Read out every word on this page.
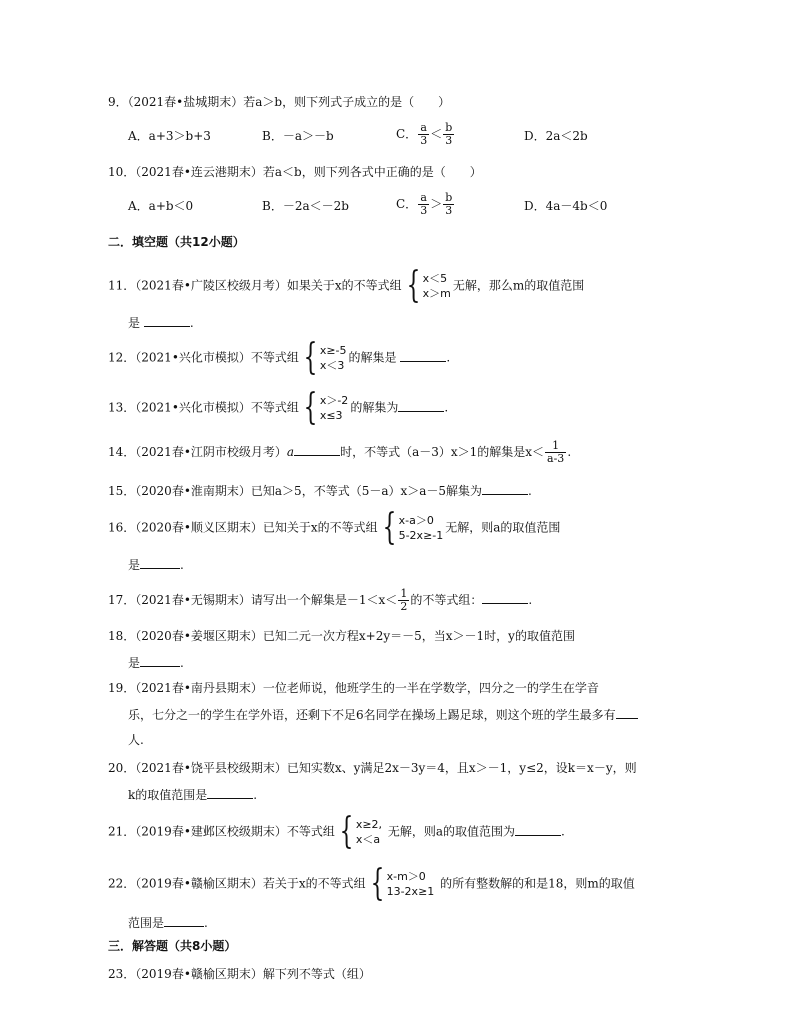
9．（2021春•盐城期末）若a＞b，则下列式子成立的是（　　）
A．a+3＞b+3	B．－a＞－b	C． $\frac{a}{3} < \frac{b}{3}$	D．2a＜2b
10．（2021春•连云港期末）若a＜b，则下列各式中正确的是（　　）
A．a+b＜0	B．－2a＜－2b	C． $\frac{a}{3} > \frac{b}{3}$	D．4a－4b＜0
二．填空题（共12小题）
11．（2021春•广陵区校级月考）如果关于x的不等式组 { x＜5
x＞m
无解，那么m的取值范围
是	.
12．（2021•兴化市模拟）不等式组 { x≥-5
x＜3
的解集是	.
13．（2021•兴化市模拟）不等式组 { x＞-2
x≤3
的解集为	.
14．（2021春•江阴市校级月考）a	时，不等式（a－3）x＞1的解集是$x< \frac{1}{a-3}$ .
15．（2020春•淮南期末）已知a＞5，不等式（5－a）x＞a－5解集为	.
16．（2020春•顺义区期末）已知关于x的不等式组 { x-a＞0
5-2x≥-1
无解，则a的取值范围
是	.
17．（2021春•无锡期末）请写出一个解集是$-1<x< \frac{1}{2}$ 的不等式组：	.
18．（2020春•姜堰区期末）已知二元一次方程x+2y＝－5，当x＞－1时，y的取值范围
是	.
19．（2021春•南丹县期末）一位老师说，他班学生的一半在学数学，四分之一的学生在学音
乐，七分之一的学生在学外语，还剩下不足6名同学在操场上踢足球，则这个班的学生最多有
人.
20．（2021春•饶平县校级期末）已知实数x、y满足2x－3y＝4，且x＞－1，y≤2，设k＝x－y，则
k的取值范围是	.
21．（2019春•建邺区校级期末）不等式组 { x≥2,
x＜a
无解，则a的取值范围为	.
22．（2019春•赣榆区期末）若关于x的不等式组 { x-m＞0
13-2x≥1
的所有整数解的和是18，则m的取值
范围是	.
三．解答题（共8小题）
23．（2019春•赣榆区期末）解下列不等式（组）
